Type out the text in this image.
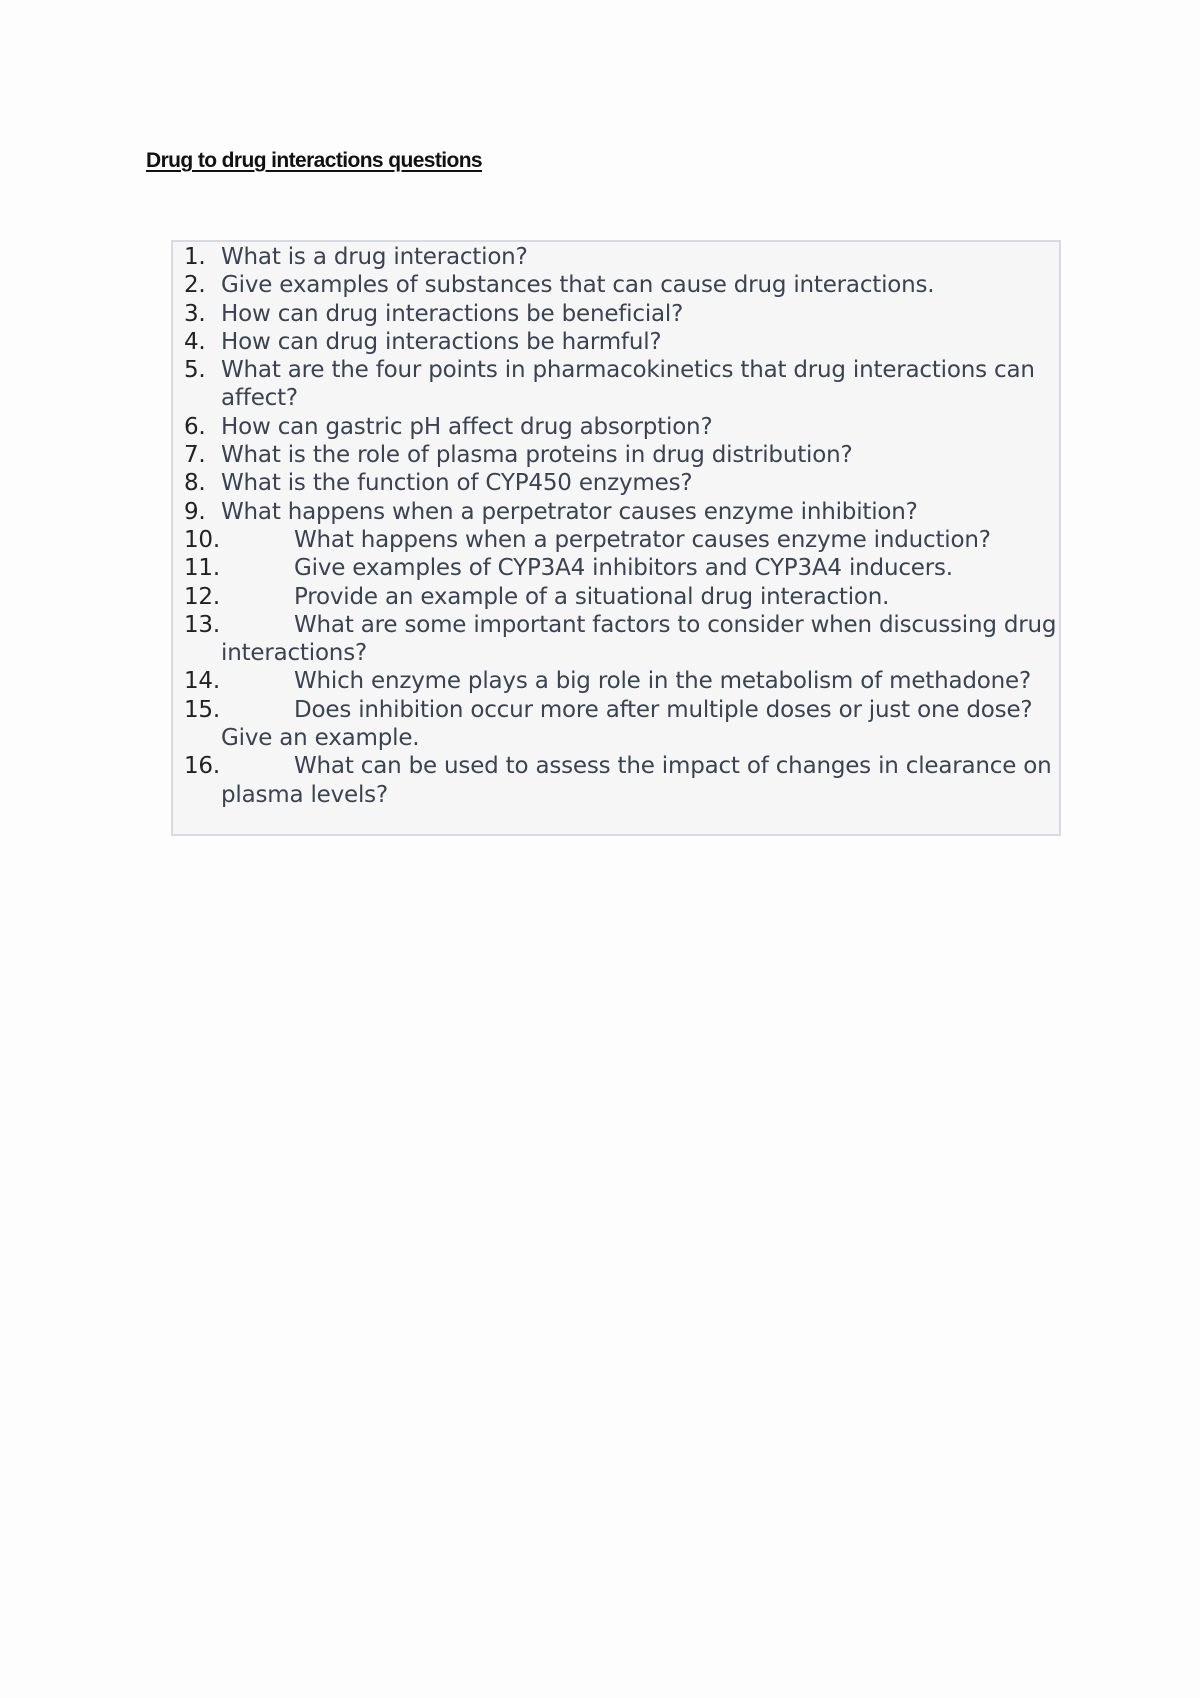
Drug to drug interactions questions
1. What is a drug interaction?
2. Give examples of substances that can cause drug interactions.
3. How can drug interactions be beneficial?
4. How can drug interactions be harmful?
5. What are the four points in pharmacokinetics that drug interactions can affect?
6. How can gastric pH affect drug absorption?
7. What is the role of plasma proteins in drug distribution?
8. What is the function of CYP450 enzymes?
9. What happens when a perpetrator causes enzyme inhibition?
10.	What happens when a perpetrator causes enzyme induction?
11.	Give examples of CYP3A4 inhibitors and CYP3A4 inducers.
12.	Provide an example of a situational drug interaction.
13.	What are some important factors to consider when discussing drug interactions?
14.	Which enzyme plays a big role in the metabolism of methadone?
15.	Does inhibition occur more after multiple doses or just one dose? Give an example.
16.	What can be used to assess the impact of changes in clearance on plasma levels?
